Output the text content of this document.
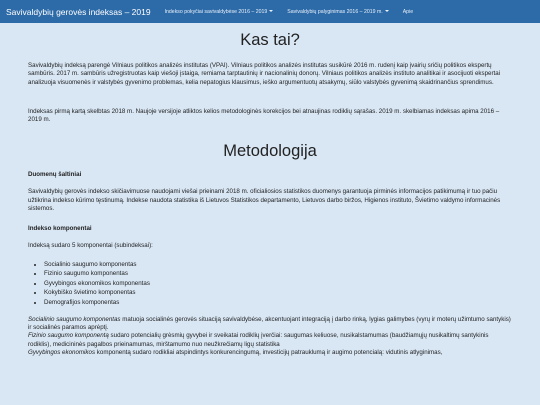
Savivaldybių gerovės indeksas – 2019	Indekso pokyčiai savivaldybėse 2016 – 2019	Savivaldybių palyginimas 2016 – 2019 m.	Apie
Kas tai?

Savivaldybių indeksą parengė Vilniaus politikos analizės institutas (VPAI). Vilniaus politikos analizės institutas susikūrė 2016 m. rudenį kaip įvairių sričių politikos ekspertų sambūris. 2017 m. sambūris užregistruotas kaip viešoji įstaiga, remiama tarptautinių ir nacionalinių donorų. Vilniaus politikos analizės instituto analitikai ir asocijuoti ekspertai analizuoja visuomenės ir valstybės gyvenimo problemas, kelia nepatogius klausimus, ieško argumentuotų atsakymų, siūlo valstybės gyvenimą skaidrinančius sprendimus.

Indeksas pirmą kartą skelbtas 2018 m. Naujoje versijoje atliktos kelios metodologinės korekcijos bei atnaujinas rodiklių sąrašas. 2019 m. skelbiamas indeksas apima 2016 – 2019 m.

Metodologija
Duomenų šaltiniai

Savivaldybių gerovės indekso skičiavimuose naudojami viešai prieinami 2018 m. oficialiosios statistikos duomenys garantuoja pirminės informacijos patikimumą ir tuo pačiu užtikrina indekso kūrimo tęstinumą. Indekse naudota statistika iš Lietuvos Statistikos departamento, Lietuvos darbo biržos, Higienos instituto, Švietimo valdymo informacinės sistemos.

Indekso komponentai

Indeksą sudaro 5 komponentai (subindeksai):

• Socialinio saugumo komponentas
• Fizinio saugumo komponentas
• Gyvybingos ekonomikos komponentas
• Kokybiško švietimo komponentas
• Demografijos komponentas

Socialinio saugumo komponentas matuoja socialinės gerovės situaciją savivaldybėse, akcentuojant integraciją į darbo rinką, lygias galimybes (vyrų ir moterų užimtumo santykis) ir socialinės paramos aprėptį.

Fizinio saugumo komponentą sudaro potencialių grėsmių gyvybei ir sveikatai rodiklių įverčiai: saugumas keliuose, nusikalstamumas (baudžiamųjų nusikaltimų santykinis rodiklis), medicininės pagalbos prieinamumas, mirštamumo nuo neužkrečiamų ligų statistika

Gyvybingos ekonomikos komponentą sudaro rodikliai atspindintys konkurencingumą, investicijų patrauklumą ir augimo potencialą: vidutinis atlyginimas,
